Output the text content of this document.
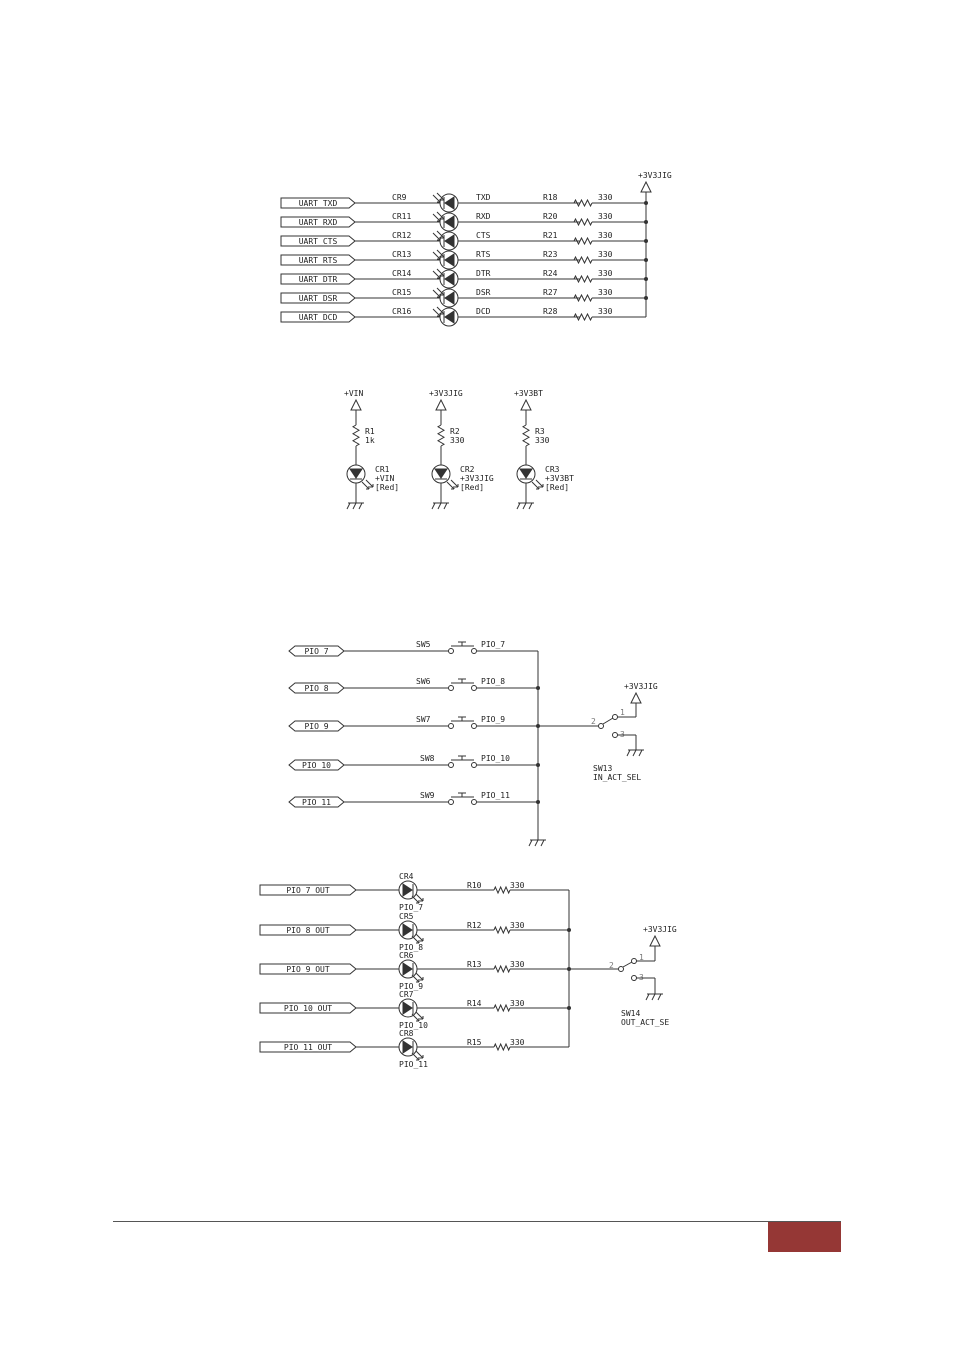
UART_TXD
CR9	TXD	R18	330
UART_RXD
CR11	RXD	R20	330
UART_CTS
CR12	CTS	R21	330
UART_RTS
CR13	RTS	R23	330
UART_DTR
CR14	DTR	R24	330
UART_DSR
CR15	DSR	R27	330
UART_DCD
CR16	DCD	R28	330
+3V3JIG
+VIN
R1
1k
CR1
+VIN
[Red]
+3V3JIG
R2
330
CR2
+3V3JIG
[Red]
+3V3BT
R3
330
CR3
+3V3BT
[Red]
PIO_7
SW5	PIO_7
PIO_8
SW6	PIO_8
PIO_9
SW7	PIO_9
PIO_10
SW8	PIO_10
PIO_11
SW9	PIO_11
2
1
3
+3V3JIG
SW13
IN_ACT_SEL
PIO_7_OUT
CR4
PIO_7
R10	330
PIO_8_OUT
CR5
PIO_8
R12	330
PIO_9_OUT
CR6
PIO_9
R13	330
PIO_10_OUT
CR7
PIO_10
R14	330
PIO_11_OUT
CR8
PIO_11
R15	330
2
1
3
+3V3JIG
SW14
OUT_ACT_SE
